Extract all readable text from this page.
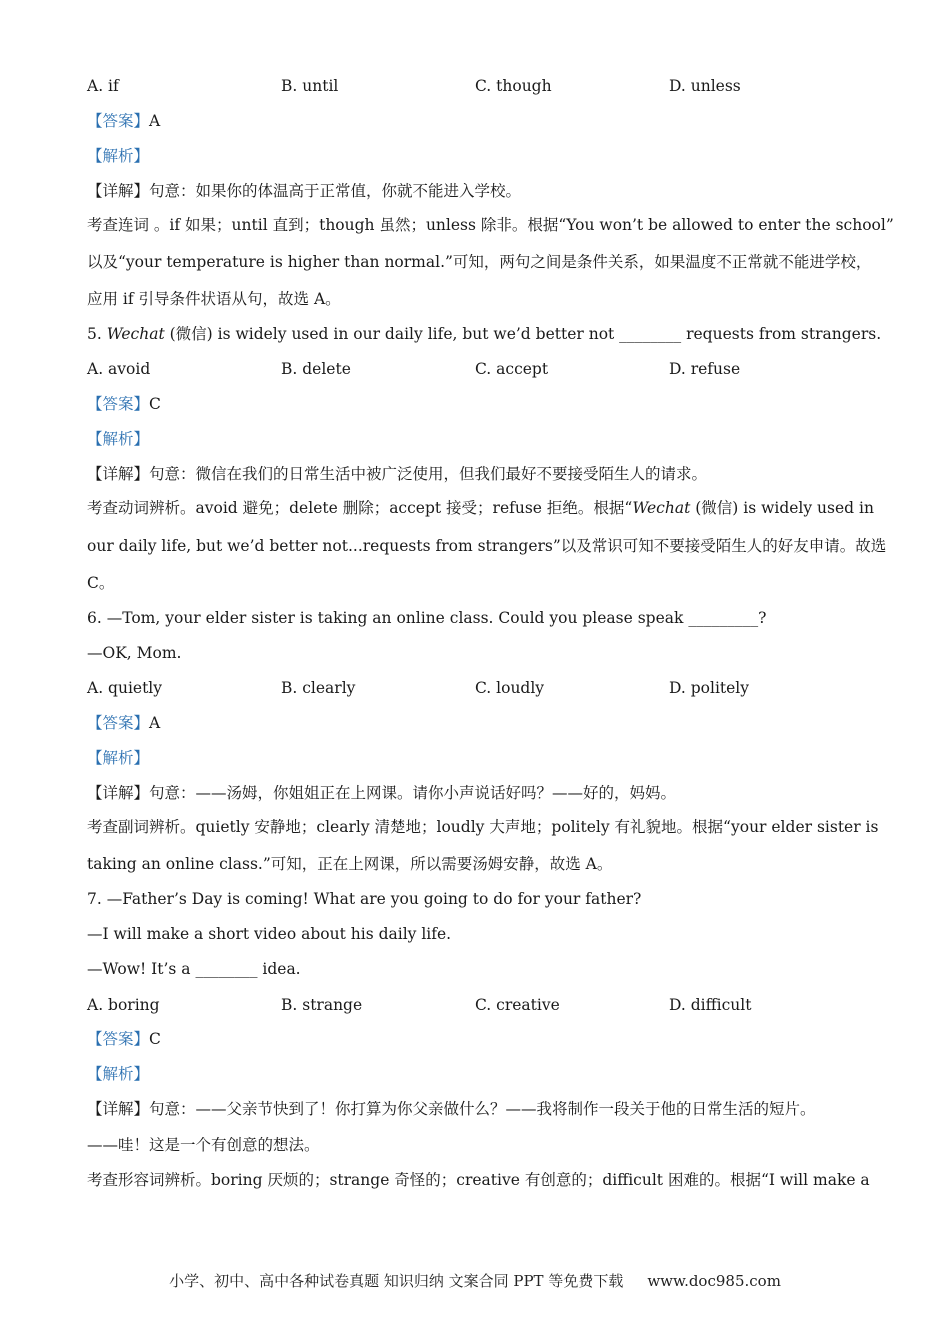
A. if	B. until	C. though	D. unless
【答案】A
【解析】
【详解】句意：如果你的体温高于正常值，你就不能进入学校。
考查连词 。if 如果；until 直到；though 虽然；unless 除非。根据“You won’t be allowed to enter the school”
以及“your temperature is higher than normal.”可知，两句之间是条件关系，如果温度不正常就不能进学校，
应用 if 引导条件状语从句，故选 A。
5. Wechat (微信) is widely used in our daily life, but we’d better not ________ requests from strangers.
A. avoid	B. delete	C. accept	D. refuse
【答案】C
【解析】
【详解】句意：微信在我们的日常生活中被广泛使用，但我们最好不要接受陌生人的请求。
考查动词辨析。avoid 避免；delete 删除；accept 接受；refuse 拒绝。根据“Wechat (微信) is widely used in
our daily life, but we’d better not...requests from strangers”以及常识可知不要接受陌生人的好友申请。故选
C。
6. —Tom, your elder sister is taking an online class. Could you please speak _________?
—OK, Mom.
A. quietly	B. clearly	C. loudly	D. politely
【答案】A
【解析】
【详解】句意：——汤姆，你姐姐正在上网课。请你小声说话好吗？——好的，妈妈。
考查副词辨析。quietly 安静地；clearly 清楚地；loudly 大声地；politely 有礼貌地。根据“your elder sister is
taking an online class.”可知，正在上网课，所以需要汤姆安静，故选 A。
7. —Father’s Day is coming! What are you going to do for your father?
—I will make a short video about his daily life.
—Wow! It’s a ________ idea.
A. boring	B. strange	C. creative	D. difficult
【答案】C
【解析】
【详解】句意：——父亲节快到了！你打算为你父亲做什么？——我将制作一段关于他的日常生活的短片。
——哇！这是一个有创意的想法。
考查形容词辨析。boring 厌烦的；strange 奇怪的；creative 有创意的；difficult 困难的。根据“I will make a
小学、初中、高中各种试卷真题 知识归纳 文案合同 PPT 等免费下载 www.doc985.com
